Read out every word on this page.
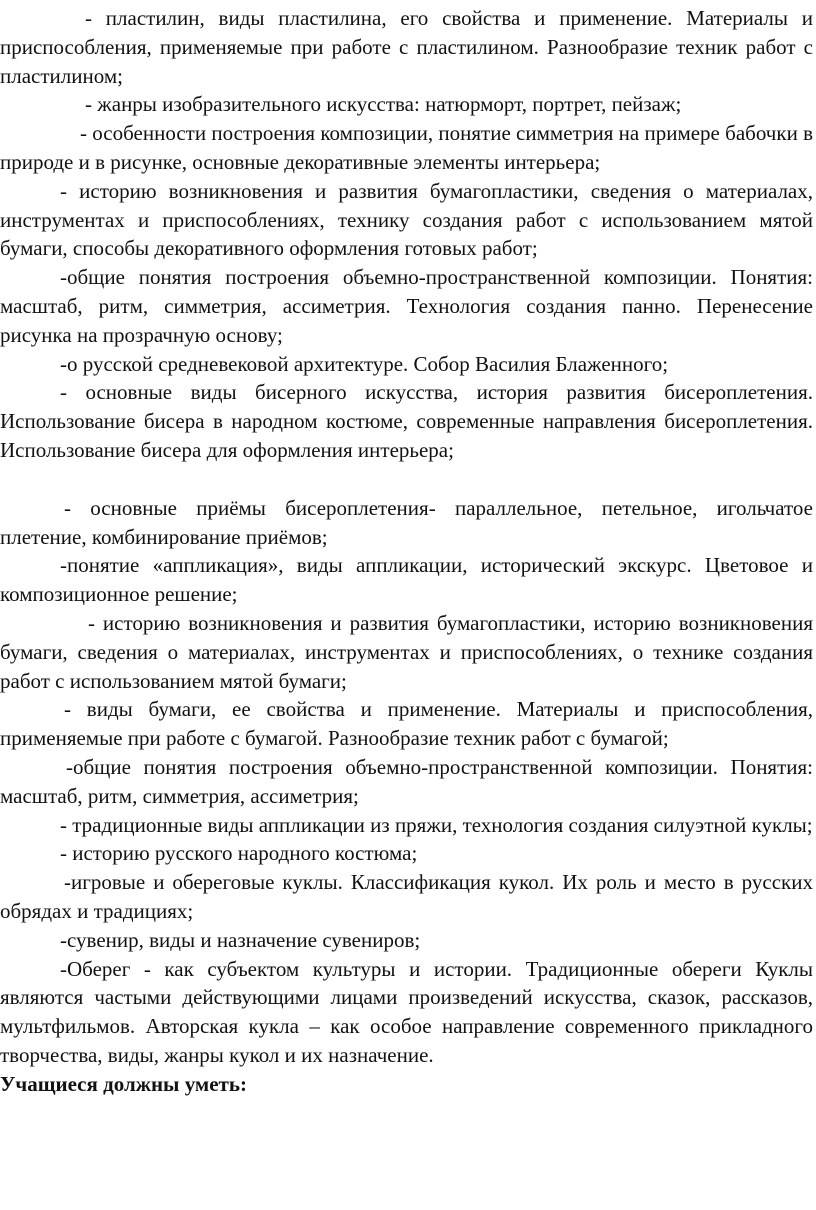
- пластилин, виды пластилина, его свойства и применение. Материалы и приспособления, применяемые при работе с пластилином. Разнообразие техник работ с пластилином;

- жанры изобразительного искусства: натюрморт, портрет, пейзаж;

- особенности построения композиции, понятие симметрия на примере бабочки в природе и в рисунке, основные декоративные элементы интерьера;

- историю возникновения и развития бумагопластики, сведения о материалах, инструментах и приспособлениях, технику создания работ с использованием мятой бумаги, способы декоративного оформления готовых работ;

-общие понятия построения объемно-пространственной композиции. Понятия: масштаб, ритм, симметрия, ассиметрия. Технология создания панно. Перенесение рисунка на прозрачную основу;

-о русской средневековой архитектуре. Собор Василия Блаженного;

- основные виды бисерного искусства, история развития бисероплетения. Использование бисера в народном костюме, современные направления бисероплетения. Использование бисера для оформления интерьера;

- основные приёмы бисероплетения- параллельное, петельное, игольчатое плетение, комбинирование приёмов;

-понятие «аппликация», виды аппликации, исторический экскурс. Цветовое и композиционное решение;

- историю возникновения и развития бумагопластики, историю возникновения бумаги, сведения о материалах, инструментах и приспособлениях, о технике создания работ с использованием мятой бумаги;

- виды бумаги, ее свойства и применение. Материалы и приспособления, применяемые при работе с бумагой. Разнообразие техник работ с бумагой;

-общие понятия построения объемно-пространственной композиции. Понятия: масштаб, ритм, симметрия, ассиметрия;

- традиционные виды аппликации из пряжи, технология создания силуэтной куклы;

- историю русского народного костюма;

-игровые и обереговые куклы. Классификация кукол. Их роль и место в русских обрядах и традициях;

-сувенир, виды и назначение сувениров;

-Оберег - как субъектом культуры и истории. Традиционные обереги Куклы являются частыми действующими лицами произведений искусства, сказок, рассказов, мультфильмов. Авторская кукла – как особое направление современного прикладного творчества, виды, жанры кукол и их назначение.

Учащиеся должны уметь:
